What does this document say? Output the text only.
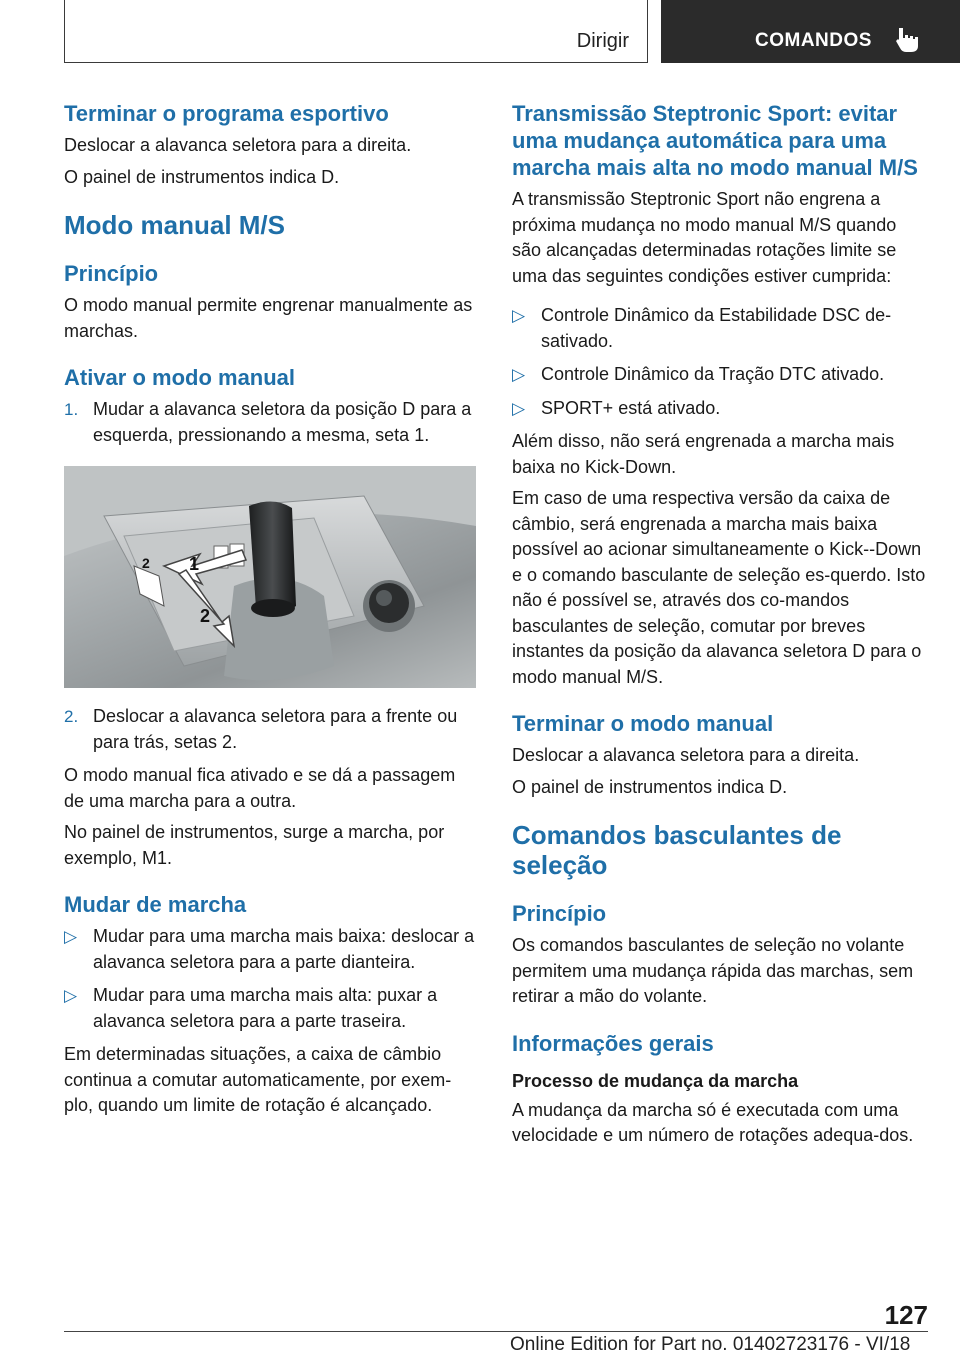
Dirigir	COMANDOS
Terminar o programa esportivo

Deslocar a alavanca seletora para a direita.

O painel de instrumentos indica D.

Modo manual M/S
Princípio

O modo manual permite engrenar manualmente as marchas.

Ativar o modo manual
1. Mudar a alavanca seletora da posição D para a esquerda, pressionando a mesma, seta 1.
1
2
2
2. Deslocar a alavanca seletora para a frente ou para trás, setas 2.

O modo manual fica ativado e se dá a passagem de uma marcha para a outra.

No painel de instrumentos, surge a marcha, por exemplo, M1.

Mudar de marcha
▷ Mudar para uma marcha mais baixa: deslocar a alavanca seletora para a parte dianteira.
▷ Mudar para uma marcha mais alta: puxar a alavanca seletora para a parte traseira.

Em determinadas situações, a caixa de câmbio continua a comutar automaticamente, por exem-plo, quando um limite de rotação é alcançado.

Transmissão Steptronic Sport: evitar uma mudança automática para uma marcha mais alta no modo manual M/S

A transmissão Steptronic Sport não engrena a próxima mudança no modo manual M/S quando são alcançadas determinadas rotações limite se uma das seguintes condições estiver cumprida:

▷ Controle Dinâmico da Estabilidade DSC de-sativado.
▷ Controle Dinâmico da Tração DTC ativado.
▷ SPORT+ está ativado.

Além disso, não será engrenada a marcha mais baixa no Kick-Down.

Em caso de uma respectiva versão da caixa de câmbio, será engrenada a marcha mais baixa possível ao acionar simultaneamente o Kick--Down e o comando basculante de seleção es-querdo. Isto não é possível se, através dos co-mandos basculantes de seleção, comutar por breves instantes da posição da alavanca seletora D para o modo manual M/S.

Terminar o modo manual

Deslocar a alavanca seletora para a direita.

O painel de instrumentos indica D.

Comandos basculantes de seleção
Princípio

Os comandos basculantes de seleção no volante permitem uma mudança rápida das marchas, sem retirar a mão do volante.

Informações gerais
Processo de mudança da marcha

A mudança da marcha só é executada com uma velocidade e um número de rotações adequa-dos.

127
Online Edition for Part no. 01402723176 - VI/18
